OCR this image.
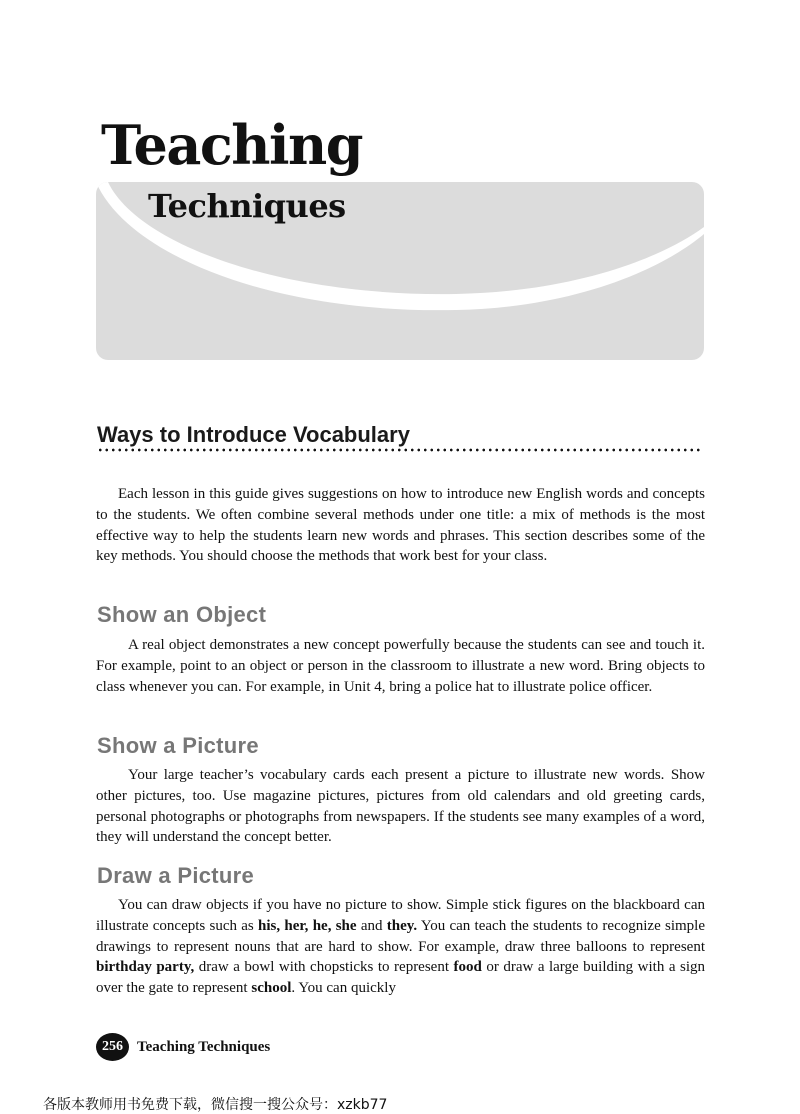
Teaching
Techniques
Ways to Introduce Vocabulary

Each lesson in this guide gives suggestions on how to introduce new English words and concepts to the students. We often combine several methods under one title: a mix of methods is the most effective way to help the students learn new words and phrases. This section describes some of the key methods. You should choose the methods that work best for your class.

Show an Object

A real object demonstrates a new concept powerfully because the students can see and touch it. For example, point to an object or person in the classroom to illustrate a new word. Bring objects to class whenever you can. For example, in Unit 4, bring a police hat to illustrate police officer.

Show a Picture

Your large teacher’s vocabulary cards each present a picture to illustrate new words. Show other pictures, too. Use magazine pictures, pictures from old calendars and old greeting cards, personal photographs or photographs from newspapers. If the students see many examples of a word, they will understand the concept better.

Draw a Picture

You can draw objects if you have no picture to show. Simple stick figures on the blackboard can illustrate concepts such as his, her, he, she and they. You can teach the students to recognize simple drawings to represent nouns that are hard to show. For example, draw three balloons to represent birthday party, draw a bowl with chopsticks to represent food or draw a large building with a sign over the gate to represent school. You can quickly

256 Teaching Techniques
各版本教师用书免费下载，微信搜一搜公众号：xzkb77
